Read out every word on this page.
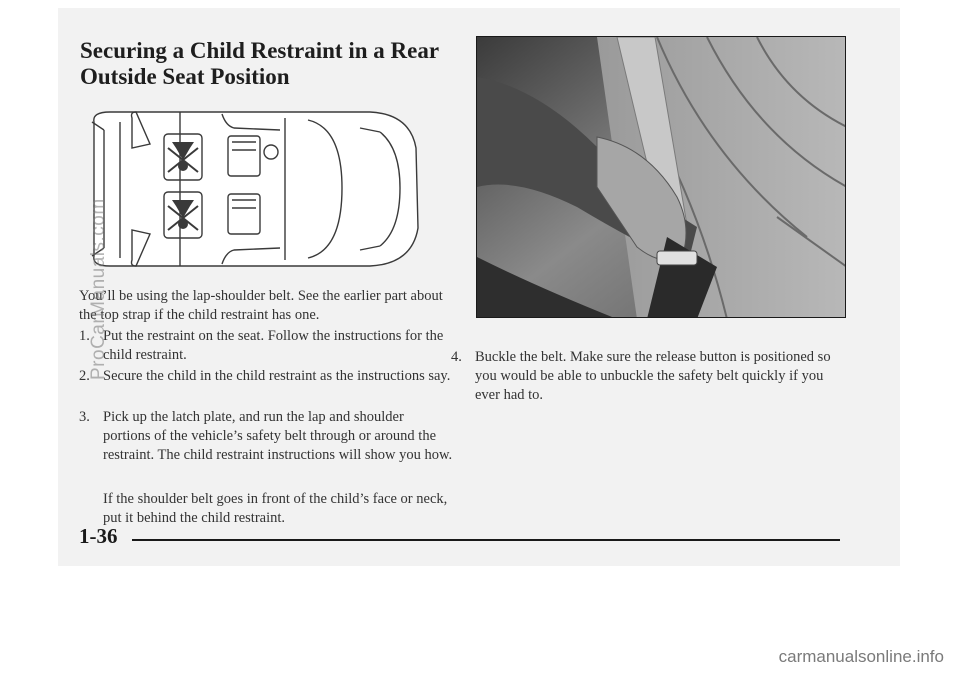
Securing a Child Restraint in a Rear
Outside Seat Position

You’ll be using the lap-shoulder belt. See the earlier part about the top strap if the child restraint has one.

1. Put the restraint on the seat. Follow the instructions for the child restraint.
2. Secure the child in the child restraint as the instructions say.
3. Pick up the latch plate, and run the lap and shoulder portions of the vehicle’s safety belt through or around the restraint. The child restraint instructions will show you how.

If the shoulder belt goes in front of the child’s face or neck, put it behind the child restraint.

4. Buckle the belt. Make sure the release button is positioned so you would be able to unbuckle the safety belt quickly if you ever had to.
1-36
ProCarManuals.com
carmanualsonline.info
